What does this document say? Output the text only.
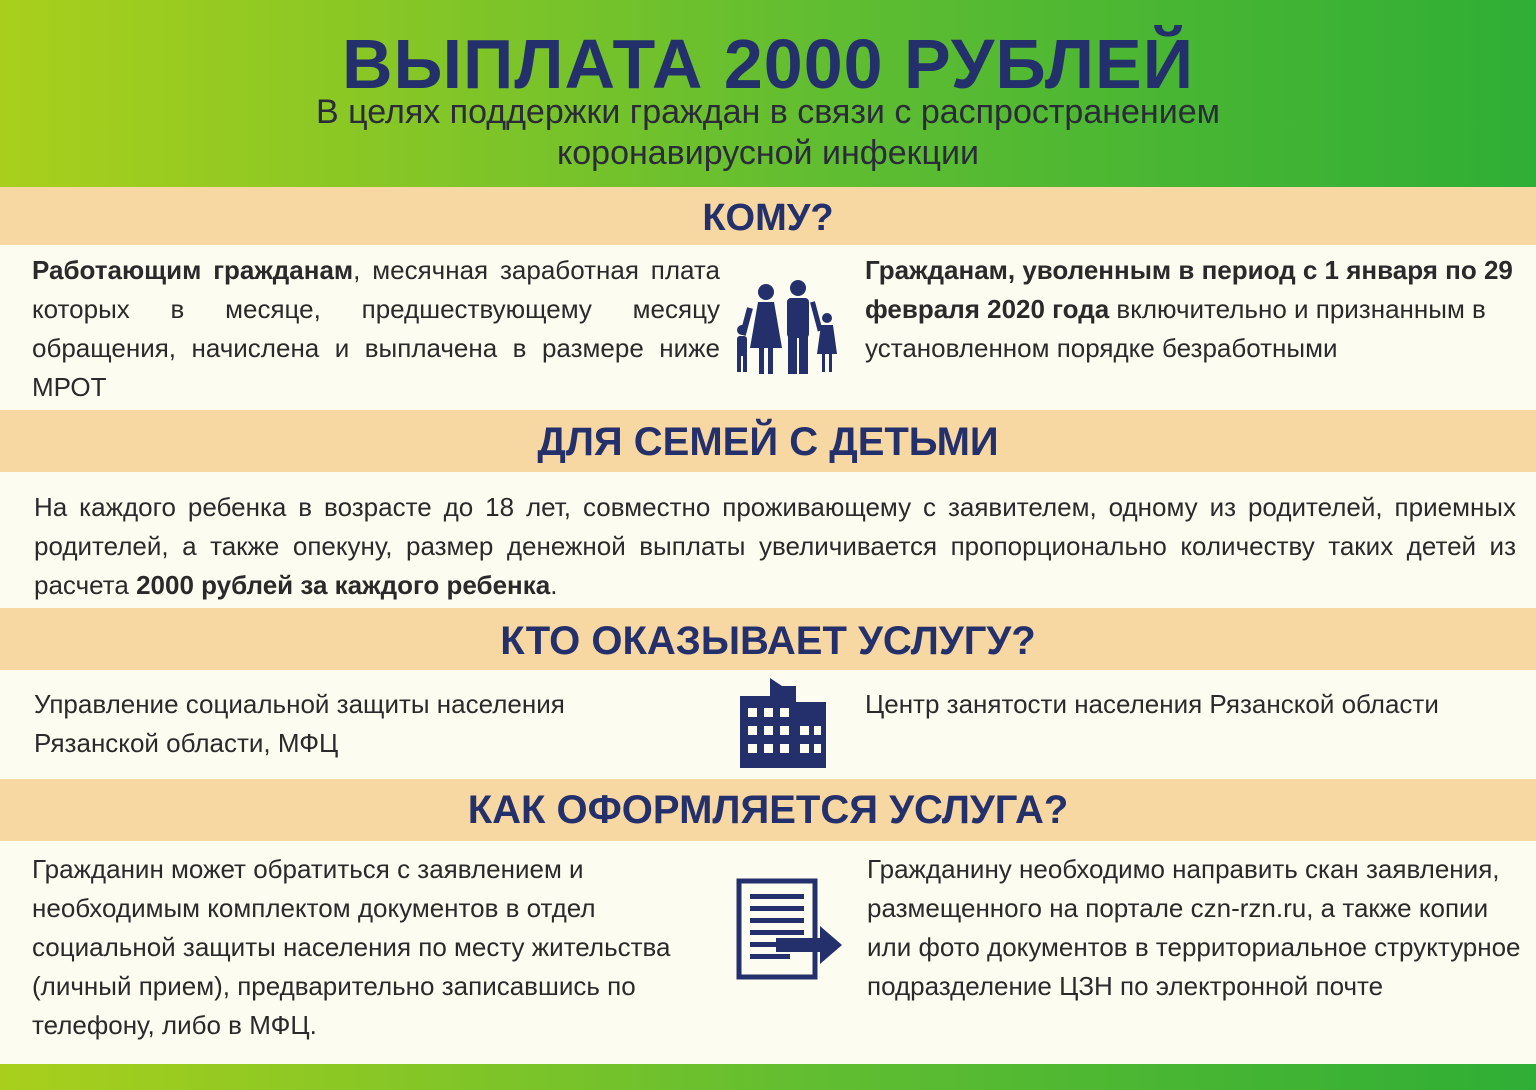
ВЫПЛАТА 2000 РУБЛЕЙ
В целях поддержки граждан в связи с распространением
коронавирусной инфекции
КОМУ?
Работающим гражданам, месячная заработная плата которых в месяце, предшествующему месяцу обращения, начислена и выплачена в размере ниже МРОТ
Гражданам, уволенным в период с 1 января по 29 февраля 2020 года включительно и признанным в установленном порядке безработными
ДЛЯ СЕМЕЙ С ДЕТЬМИ
На каждого ребенка в возрасте до 18 лет, совместно проживающему с заявителем, одному из родителей, приемных родителей, а также опекуну, размер денежной выплаты увеличивается пропорционально количеству таких детей из расчета 2000 рублей за каждого ребенка.
КТО ОКАЗЫВАЕТ УСЛУГУ?
Управление социальной защиты населения Рязанской области, МФЦ
Центр занятости населения Рязанской области
КАК ОФОРМЛЯЕТСЯ УСЛУГА?
Гражданин может обратиться с заявлением и необходимым комплектом документов в отдел социальной защиты населения по месту жительства (личный прием), предварительно записавшись по телефону, либо в МФЦ.
Гражданину необходимо направить скан заявления, размещенного на портале czn-rzn.ru, а также копии или фото документов в территориальное структурное подразделение ЦЗН по электронной почте
